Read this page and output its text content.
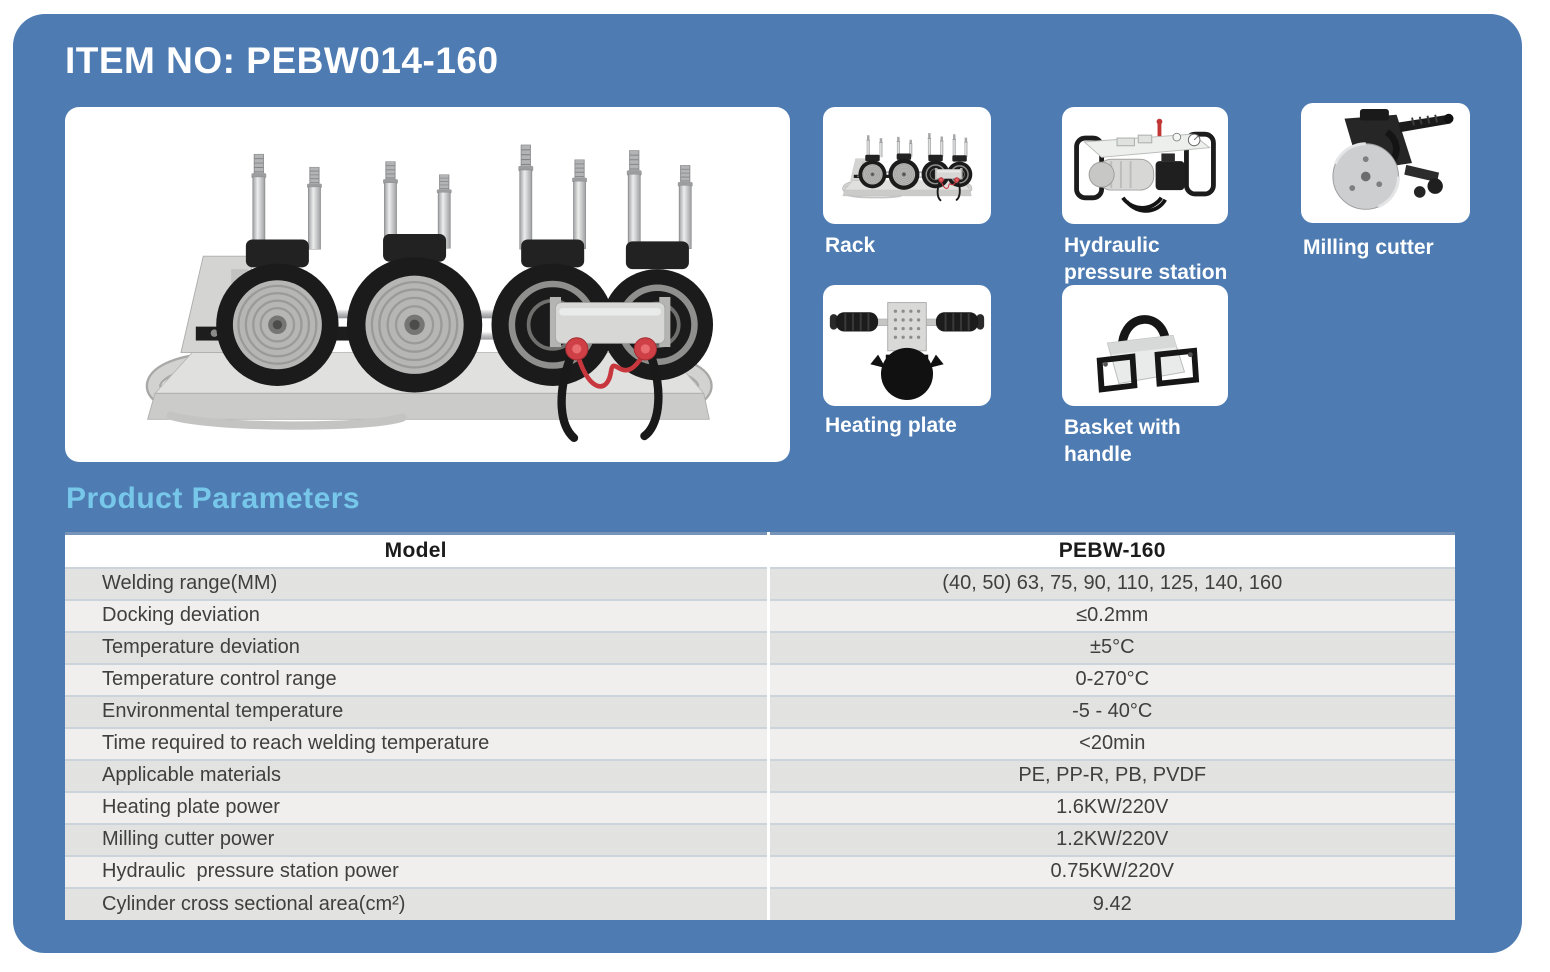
ITEM NO: PEBW014-160
Rack	Hydraulic pressure station
Milling cutter
Heating plate	Basket with handle
Product Parameters
Model	PEBW-160
Welding range(MM)	(40, 50) 63, 75, 90, 110, 125, 140, 160
Docking deviation	≤0.2mm
Temperature deviation	±5°C
Temperature control range	0-270°C
Environmental temperature	-5 - 40°C
Time required to reach welding temperature	<20min
Applicable materials	PE, PP-R, PB, PVDF
Heating plate power	1.6KW/220V
Milling cutter power	1.2KW/220V
Hydraulic  pressure station power	0.75KW/220V
Cylinder cross sectional area(cm²)	9.42
